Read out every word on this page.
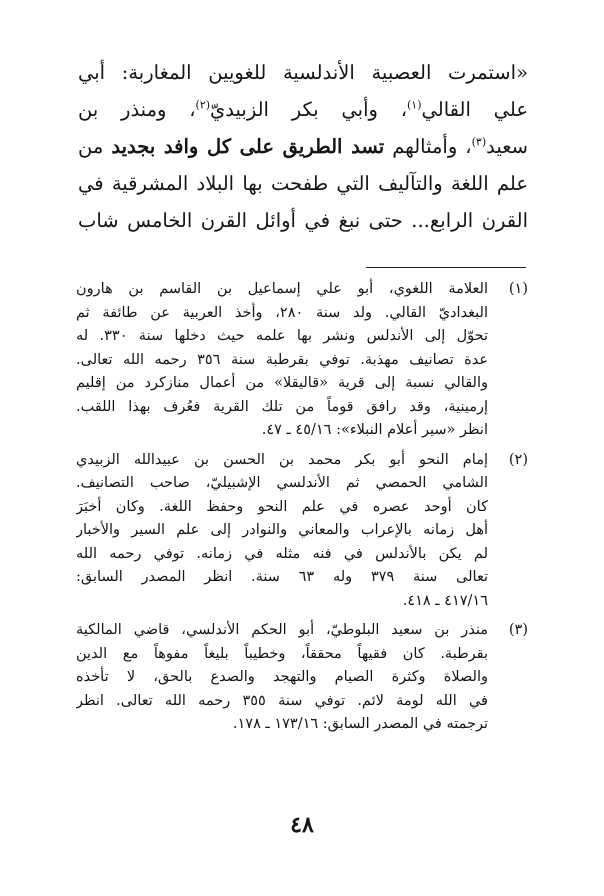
«استمرت العصبية الأندلسية للغويين المغاربة: أبي
علي القالي$^{(١)}$، وأبي بكر الزبيديّ$^{(٢)}$، ومنذر بن
سعيد$^{(٣)}$، وأمثالهم تسد الطريق على كل وافد بجديد من
علم اللغة والتآليف التي طفحت بها البلاد المشرقية في
القرن الرابع... حتى نبغ في أوائل القرن الخامس شاب
(١)
العلامة اللغوي، أبو علي إسماعيل بن القاسم بن هارون
البغداديّ القالي. ولد سنة ٢٨٠، وأخذ العربية عن طائفة ثم
تحوّل إلى الأندلس ونشر بها علمه حيث دخلها سنة ٣٣٠. له
عدة تصانيف مهذبة. توفي بقرطبة سنة ٣٥٦ رحمه الله تعالى.
والقالي نسبة إلى قرية «قاليقلا» من أعمال منازكرد من إقليم
إرمينية، وقد رافق قوماً من تلك القرية فعُرف بهذا اللقب.
انظر «سير أعلام النبلاء»: ٤٥/١٦ ـ ٤٧.
(٢)
إمام النحو أبو بكر محمد بن الحسن بن عبيدالله الزبيدي
الشامي الحمصي ثم الأندلسي الإشبيليّ، صاحب التصانيف.
كان أوحد عصره في علم النحو وحفظ اللغة. وكان أخبَرَ
أهل زمانه بالإعراب والمعاني والنوادر إلى علم السير والأخبار
لم يكن بالأندلس في فنه مثله في زمانه. توفي رحمه الله
تعالى سنة ٣٧٩ وله ٦٣ سنة. انظر المصدر السابق:
٤١٧/١٦ ـ ٤١٨.
(٣)
منذر بن سعيد البلوطيّ، أبو الحكم الأندلسي، قاضي المالكية
بقرطبة. كان فقيهاً محققاً، وخطيباً بليغاً مفوهاً مع الدين
والصلاة وكثرة الصيام والتهجد والصدع بالحق، لا تأخذه
في الله لومة لائم. توفي سنة ٣٥٥ رحمه الله تعالى. انظر
ترجمته في المصدر السابق: ١٧٣/١٦ ـ ١٧٨.
٤٨
